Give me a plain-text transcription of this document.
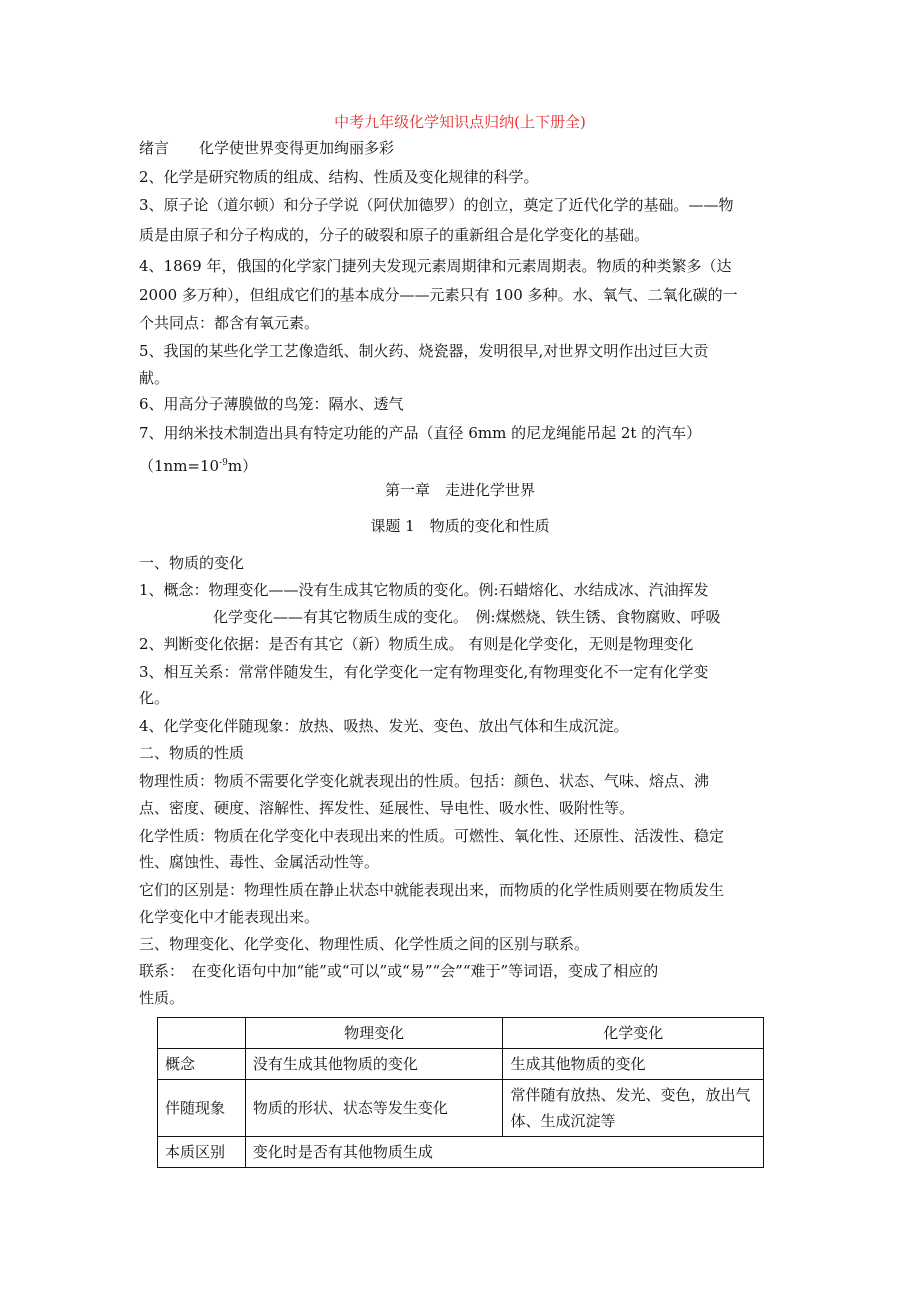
中考九年级化学知识点归纳(上下册全)
绪言　　化学使世界变得更加绚丽多彩
2、化学是研究物质的组成、结构、性质及变化规律的科学。
3、原子论（道尔顿）和分子学说（阿伏加德罗）的创立，奠定了近代化学的基础。——物
质是由原子和分子构成的，分子的破裂和原子的重新组合是化学变化的基础。
4、1869 年，俄国的化学家门捷列夫发现元素周期律和元素周期表。物质的种类繁多（达
2000 多万种），但组成它们的基本成分——元素只有 100 多种。水、氧气、二氧化碳的一
个共同点：都含有氧元素。
5、我国的某些化学工艺像造纸、制火药、烧瓷器，发明很早,对世界文明作出过巨大贡
献。
6、用高分子薄膜做的鸟笼：隔水、透气
7、用纳米技术制造出具有特定功能的产品（直径 6mm 的尼龙绳能吊起 2t 的汽车）
$(1nm=10^{-9}m)$
第一章　走进化学世界
课题 1　物质的变化和性质
一、物质的变化
1、概念：物理变化——没有生成其它物质的变化。例:石蜡熔化、水结成冰、汽油挥发
化学变化——有其它物质生成的变化。　例:煤燃烧、铁生锈、食物腐败、呼吸
2、判断变化依据：是否有其它（新）物质生成。 有则是化学变化，无则是物理变化
3、相互关系：常常伴随发生，有化学变化一定有物理变化,有物理变化不一定有化学变
化。
4、化学变化伴随现象：放热、吸热、发光、变色、放出气体和生成沉淀。
二、物质的性质
物理性质：物质不需要化学变化就表现出的性质。包括：颜色、状态、气味、熔点、沸
点、密度、硬度、溶解性、挥发性、延展性、导电性、吸水性、吸附性等。
化学性质：物质在化学变化中表现出来的性质。可燃性、氧化性、还原性、活泼性、稳定
性、腐蚀性、毒性、金属活动性等。
它们的区别是：物理性质在静止状态中就能表现出来，而物质的化学性质则要在物质发生
化学变化中才能表现出来。
三、物理变化、化学变化、物理性质、化学性质之间的区别与联系。
联系：　在变化语句中加“能”或“可以”或“易”“会”“难于”等词语，变成了相应的
性质。
	物理变化	化学变化
概念	没有生成其他物质的变化	生成其他物质的变化
伴随现象	物质的形状、状态等发生变化	常伴随有放热、发光、变色，放出气体、生成沉淀等
本质区别	变化时是否有其他物质生成	
